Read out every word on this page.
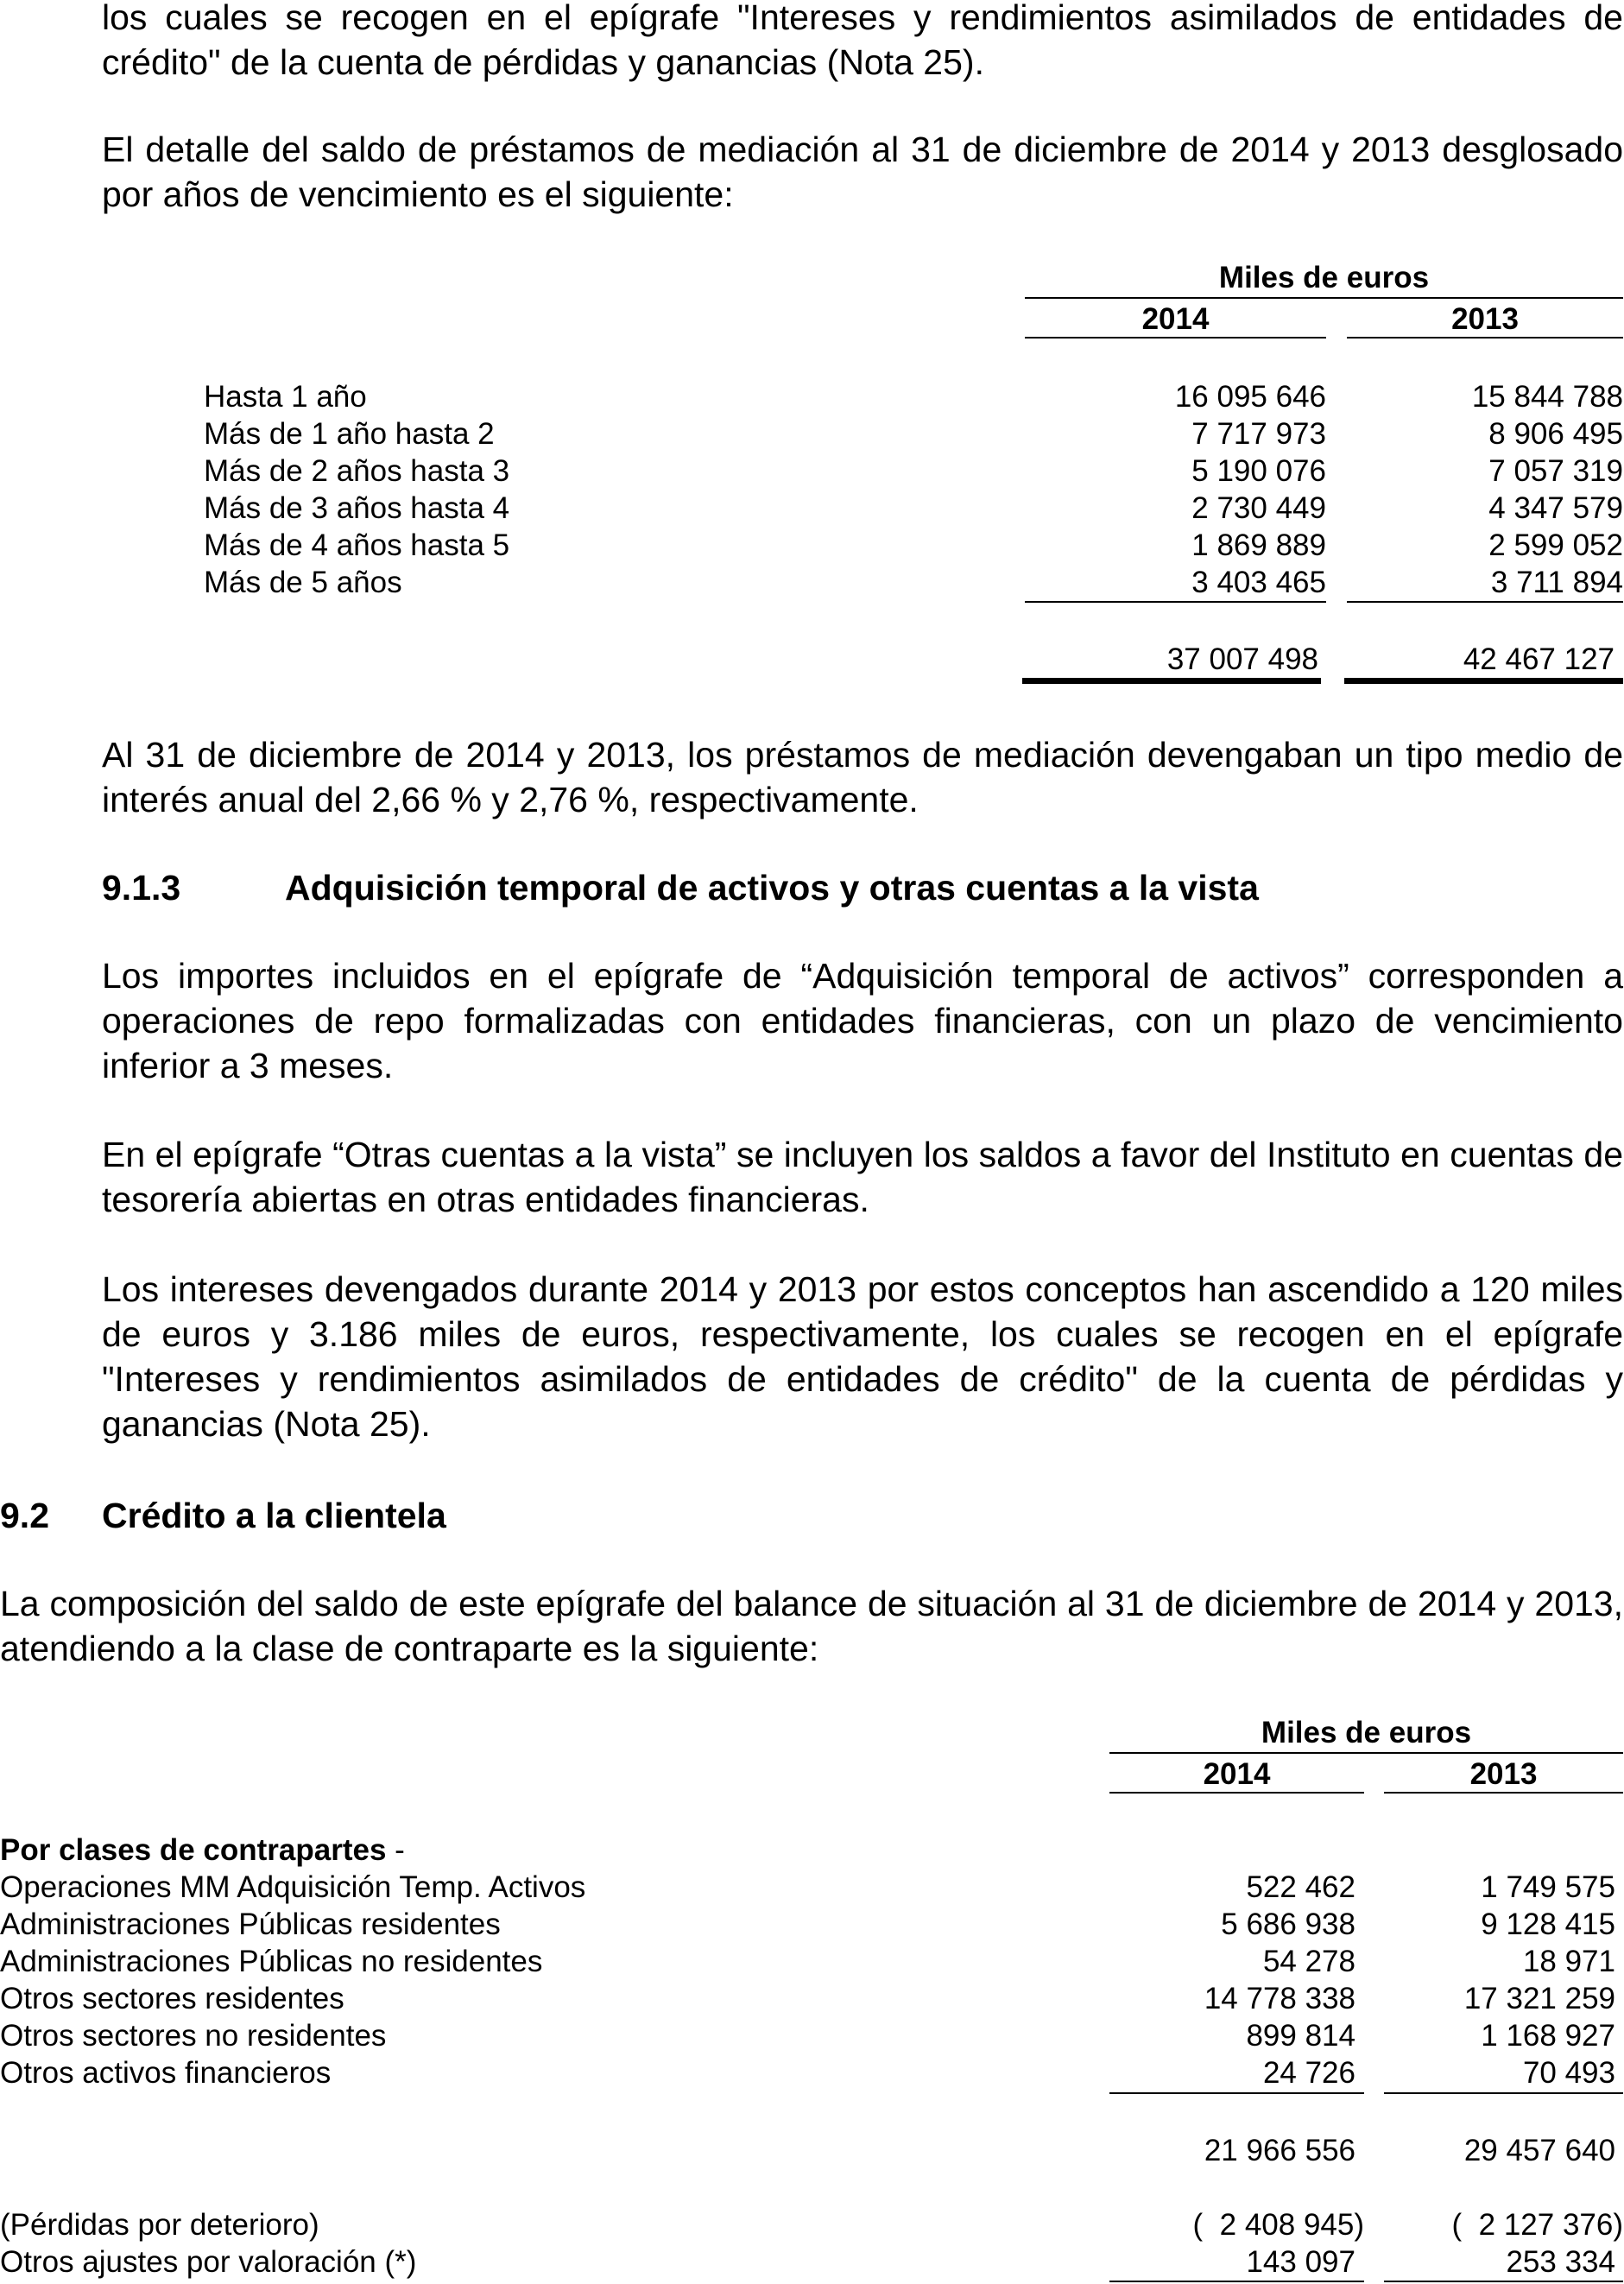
los cuales se recogen en el epígrafe "Intereses y rendimientos asimilados de entidades de crédito" de la cuenta de pérdidas y ganancias (Nota 25).

El detalle del saldo de préstamos de mediación al 31 de diciembre de 2014 y 2013 desglosado por años de vencimiento es el siguiente:

Miles de euros
2014	2013
Hasta 1 año	16 095 646	15 844 788
Más de 1 año hasta 2	7 717 973	8 906 495
Más de 2 años hasta 3	5 190 076	7 057 319
Más de 3 años hasta 4	2 730 449	4 347 579
Más de 4 años hasta 5	1 869 889	2 599 052
Más de 5 años	3 403 465	3 711 894
37 007 498	42 467 127

Al 31 de diciembre de 2014 y 2013, los préstamos de mediación devengaban un tipo medio de interés anual del 2,66 % y 2,76 %, respectivamente.

9.1.3	Adquisición temporal de activos y otras cuentas a la vista

Los importes incluidos en el epígrafe de “Adquisición temporal de activos” corresponden a operaciones de repo formalizadas con entidades financieras, con un plazo de vencimiento inferior a 3 meses.

En el epígrafe “Otras cuentas a la vista” se incluyen los saldos a favor del Instituto en cuentas de tesorería abiertas en otras entidades financieras.

Los intereses devengados durante 2014 y 2013 por estos conceptos han ascendido a 120 miles de euros y 3.186 miles de euros, respectivamente, los cuales se recogen en el epígrafe "Intereses y rendimientos asimilados de entidades de crédito" de la cuenta de pérdidas y ganancias (Nota 25).

9.2 Crédito a la clientela

La composición del saldo de este epígrafe del balance de situación al 31 de diciembre de 2014 y 2013, atendiendo a la clase de contraparte es la siguiente:

Miles de euros
2014	2013
Por clases de contrapartes -
Operaciones MM Adquisición Temp. Activos	522 462	1 749 575
Administraciones Públicas residentes	5 686 938	9 128 415
Administraciones Públicas no residentes	54 278	18 971
Otros sectores residentes	14 778 338	17 321 259
Otros sectores no residentes	899 814	1 168 927
Otros activos financieros	24 726	70 493
21 966 556	29 457 640
(Pérdidas por deterioro)	(  2 408 945)	(  2 127 376)
Otros ajustes por valoración (*)	143 097	253 334
